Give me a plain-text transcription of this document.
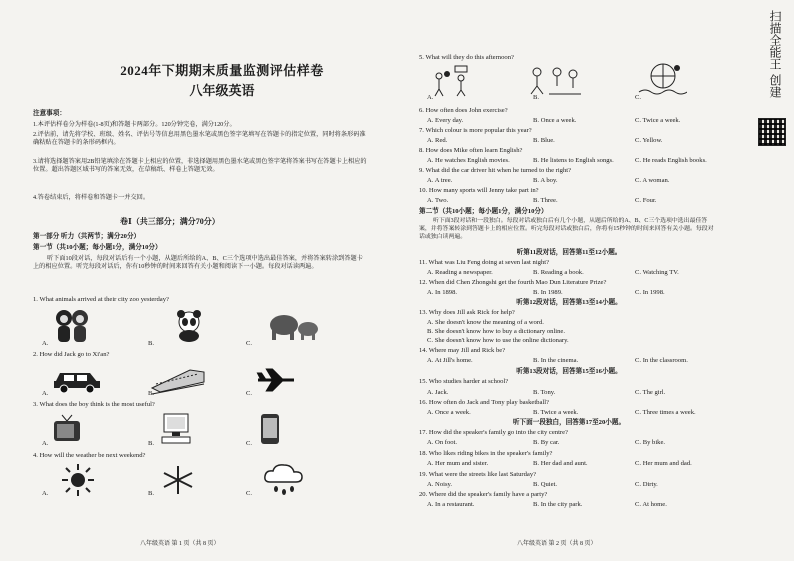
2024年下期期末质量监测评估样卷
八年级英语
注意事项：
1.本评估样卷分为样卷(1-8页)和答题卡两部分。120分钟完卷，满分120分。
2.评估前，请先将学校、班级、姓名、评估号等信息用黑色墨水笔或黑色签字笔填写在答题卡的指定位置，同时将条形码准确粘贴在答题卡的条形码框内。
3.请将选择题答案用2B铅笔填涂在答题卡上相应的位置，非选择题用黑色墨水笔或黑色签字笔将答案书写在答题卡上相应的位置。超出答题区域书写的答案无效，在草稿纸、样卷上答题无效。
4.答卷结束后，将样卷和答题卡一并交回。
卷Ⅰ（共三部分；满分70分）
第一部分 听力（共两节；满分20分）
第一节（共10小题；每小题1分，满分10分）
听下面10段对话，每段对话后有一个小题，从题后所给的A、B、C三个选项中选出最佳答案，并将答案转涂到答题卡上的相应位置。听完每段对话后，你有10秒钟的时间来回答有关小题和阅读下一小题。每段对话读两遍。
1. What animals arrived at their city zoo yesterday?
A.	B.	C.
2. How did Jack go to Xi'an?
A.	B.	C.
3. What does the boy think is the most useful?
A.	B.	C.
4. How will the weather be next weekend?
A.	B.	C.
八年级英语 第 1 页（共 8 页）
5. What will they do this afternoon?
A.	B.	C.
6. How often does John exercise?
A. Every day.	B. Once a week.	C. Twice a week.
7. Which colour is more popular this year?
A. Red.	B. Blue.	C. Yellow.
8. How does Mike often learn English?
A. He watches English movies.	B. He listens to English songs.	C. He reads English books.
9. What did the car driver hit when he turned to the right?
A. A tree.	B. A boy.	C. A woman.
10. How many sports will Jenny take part in?
A. Two.	B. Three.	C. Four.
第二节（共10小题；每小题1分，满分10分）
听下面3段对话和一段独白。每段对话或独白后有几个小题，从题后所给的A、B、C三个选项中选出最佳答案，并将答案转涂到答题卡上的相应位置。听完每段对话或独白后，你将有15秒钟的时间来回答有关小题。每段对话或独白读两遍。
听第11段对话，回答第11至12小题。
11. What was Liu Feng doing at seven last night?
A. Reading a newspaper.	B. Reading a book.	C. Watching TV.
12. When did Chen Zhongshi get the fourth Mao Dun Literature Prize?
A. In 1898.	B. In 1989.	C. In 1998.
听第12段对话，回答第13至14小题。
13. Why does Jill ask Rick for help?
A. She doesn't know the meaning of a word.
B. She doesn't know how to buy a dictionary online.
C. She doesn't know how to use the online dictionary.
14. Where may Jill and Rick be?
A. At Jill's home.	B. In the cinema.	C. In the classroom.
听第13段对话，回答第15至16小题。
15. Who studies harder at school?
A. Jack.	B. Tony.	C. The girl.
16. How often do Jack and Tony play basketball?
A. Once a week.	B. Twice a week.	C. Three times a week.
听下面一段独白，回答第17至20小题。
17. How did the speaker's family go into the city centre?
A. On foot.	B. By car.	C. By bike.
18. Who likes riding bikes in the speaker's family?
A. Her mum and sister.	B. Her dad and aunt.	C. Her mum and dad.
19. What were the streets like last Saturday?
A. Noisy.	B. Quiet.	C. Dirty.
20. Where did the speaker's family have a party?
A. In a restaurant.	B. In the city park.	C. At home.
八年级英语 第 2 页（共 8 页）
扫描全能王 创建
